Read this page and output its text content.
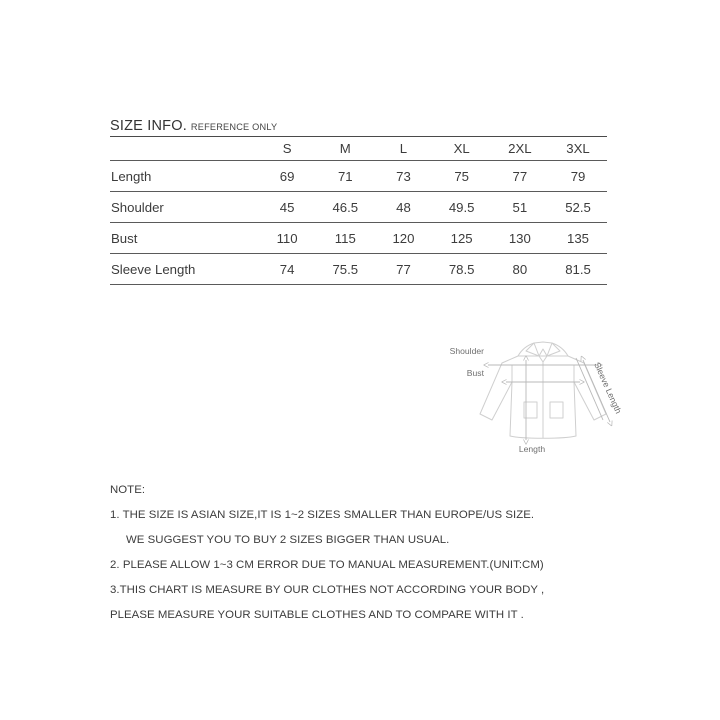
SIZE INFO. REFERENCE ONLY
	S	M	L	XL	2XL	3XL
Length	69	71	73	75	77	79
Shoulder	45	46.5	48	49.5	51	52.5
Bust	110	115	120	125	130	135
Sleeve Length	74	75.5	77	78.5	80	81.5
Shoulder
Bust
Length
Sleeve Length
NOTE:
1. THE SIZE IS ASIAN SIZE,IT IS 1~2 SIZES SMALLER THAN EUROPE/US SIZE.
WE SUGGEST YOU TO BUY 2 SIZES BIGGER THAN USUAL.
2. PLEASE ALLOW 1~3 CM ERROR DUE TO MANUAL MEASUREMENT.(UNIT:CM)
3.THIS CHART IS MEASURE BY OUR CLOTHES NOT ACCORDING YOUR BODY ,
PLEASE MEASURE YOUR SUITABLE CLOTHES AND TO COMPARE WITH IT .
